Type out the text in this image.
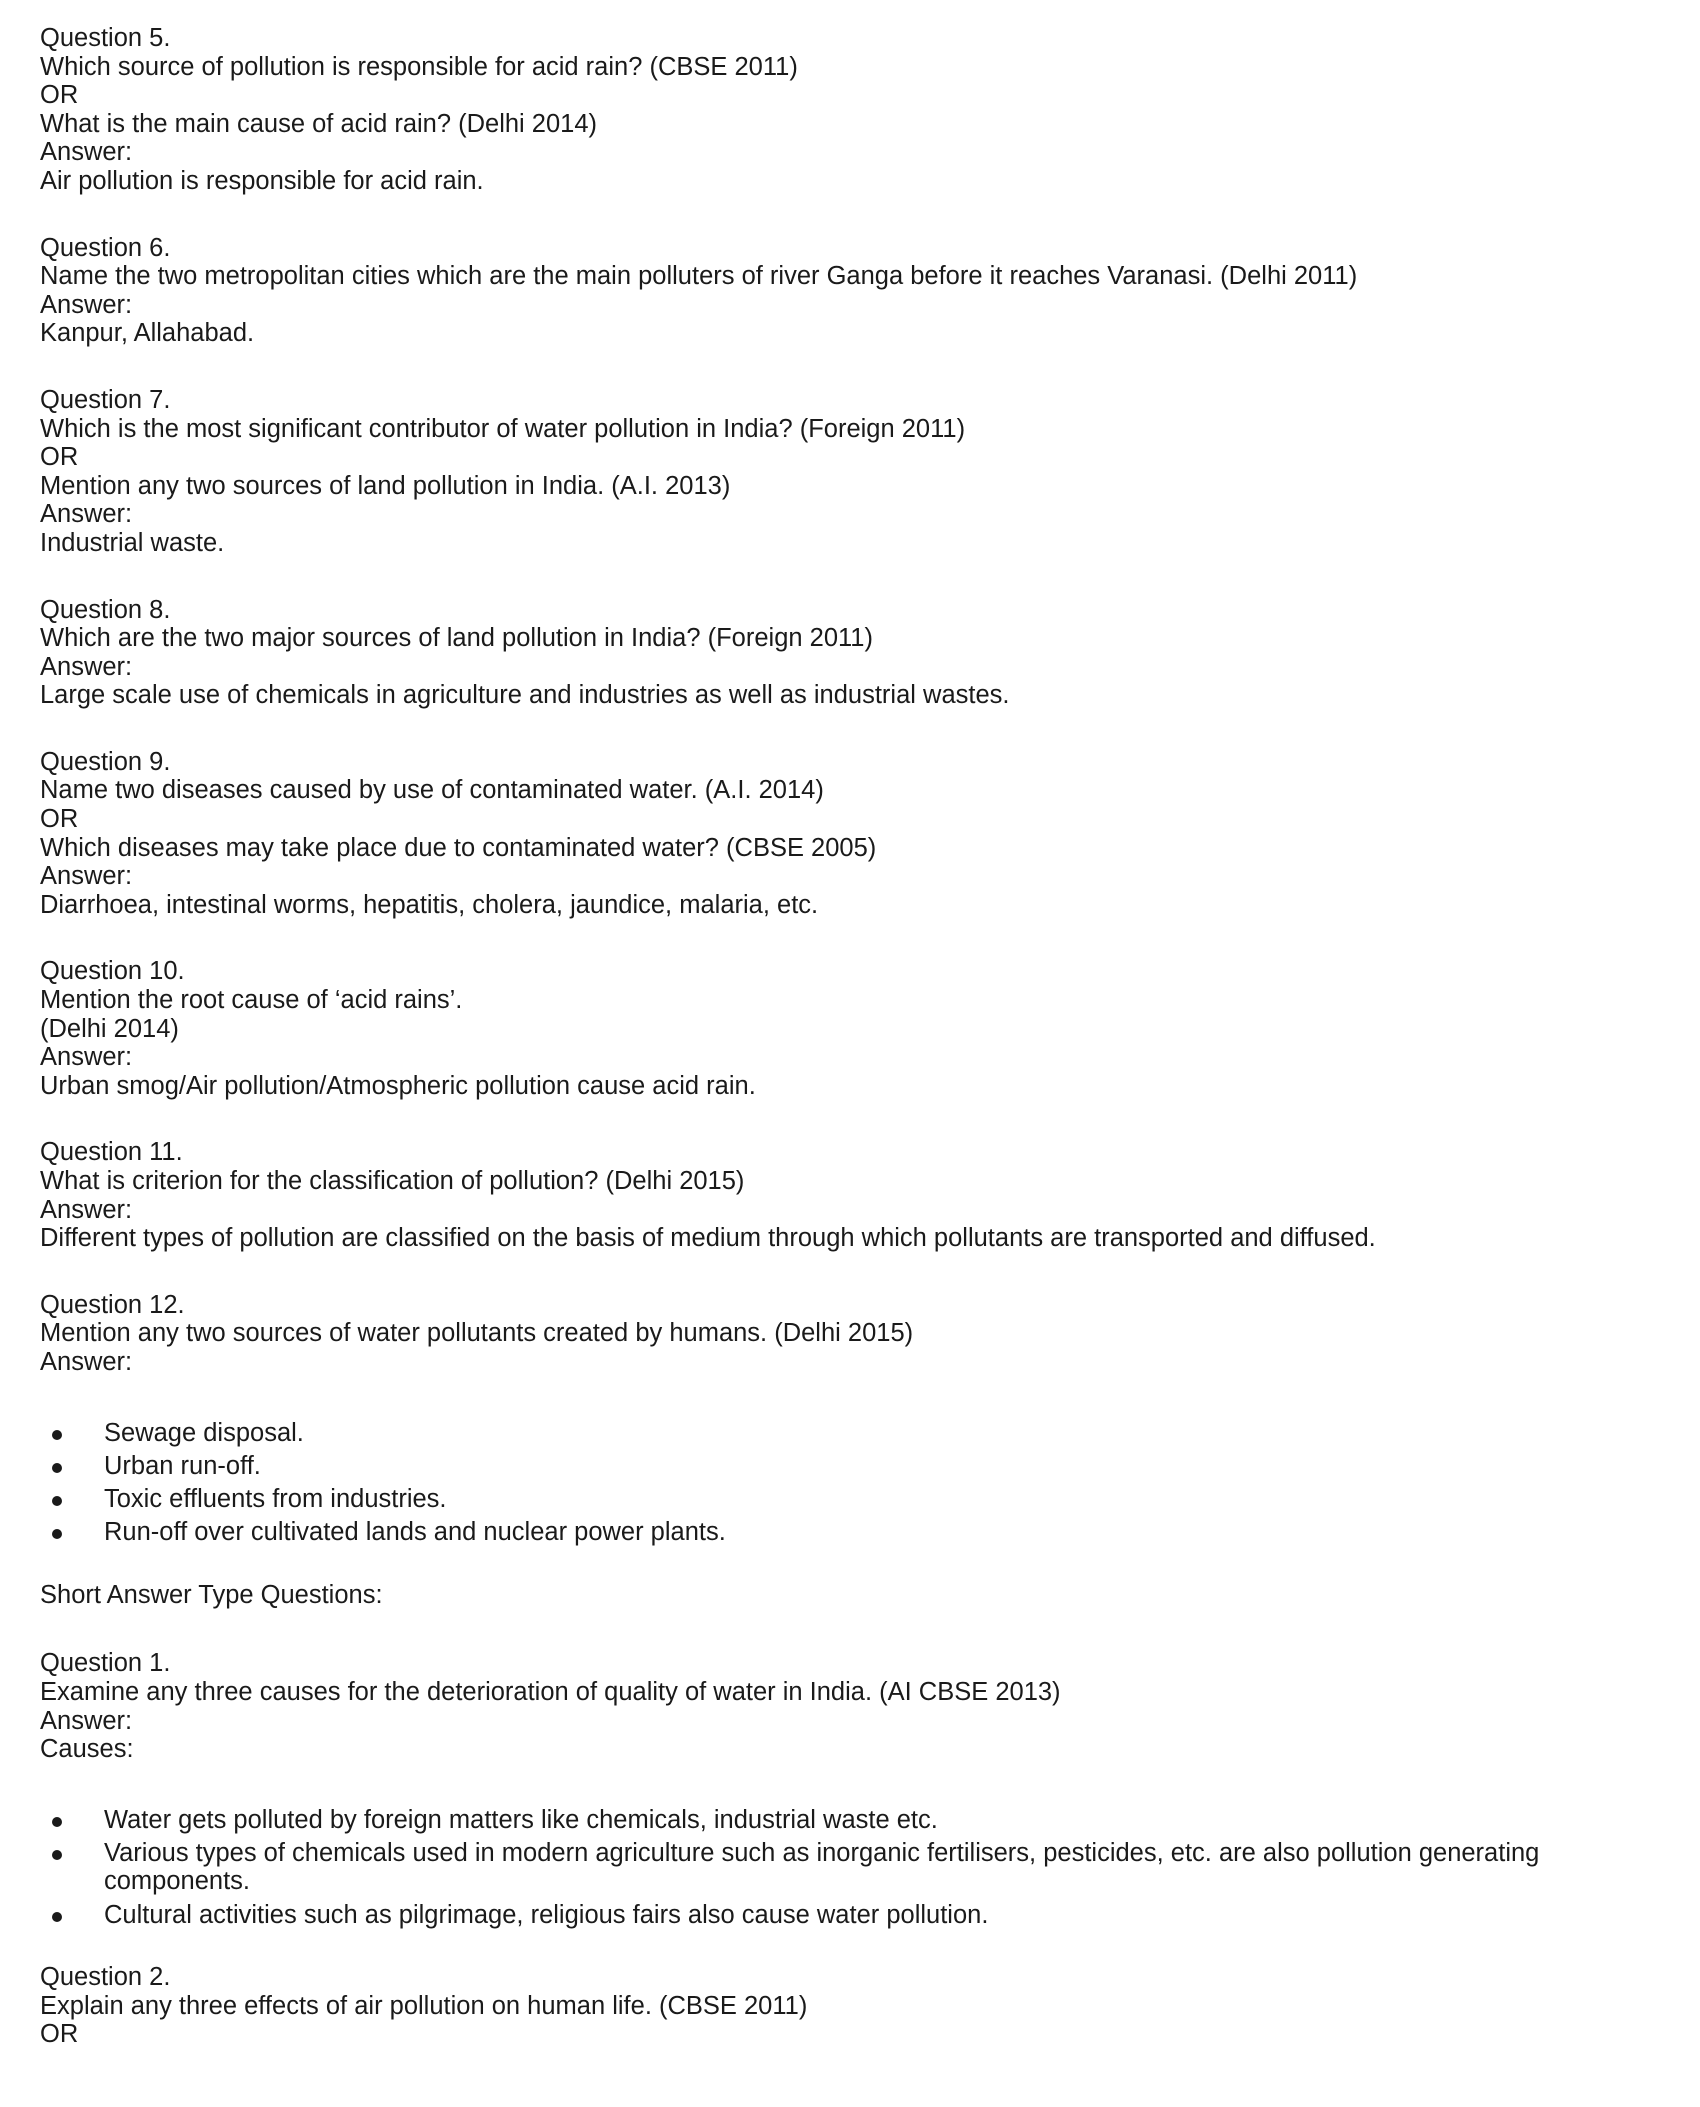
Question 5.
Which source of pollution is responsible for acid rain? (CBSE 2011)
OR
What is the main cause of acid rain? (Delhi 2014)
Answer:
Air pollution is responsible for acid rain.
Question 6.
Name the two metropolitan cities which are the main polluters of river Ganga before it reaches Varanasi. (Delhi 2011)
Answer:
Kanpur, Allahabad.
Question 7.
Which is the most significant contributor of water pollution in India? (Foreign 2011)
OR
Mention any two sources of land pollution in India. (A.I. 2013)
Answer:
Industrial waste.
Question 8.
Which are the two major sources of land pollution in India? (Foreign 2011)
Answer:
Large scale use of chemicals in agriculture and industries as well as industrial wastes.
Question 9.
Name two diseases caused by use of contaminated water. (A.I. 2014)
OR
Which diseases may take place due to contaminated water? (CBSE 2005)
Answer:
Diarrhoea, intestinal worms, hepatitis, cholera, jaundice, malaria, etc.
Question 10.
Mention the root cause of ‘acid rains’.
(Delhi 2014)
Answer:
Urban smog/Air pollution/Atmospheric pollution cause acid rain.
Question 11.
What is criterion for the classification of pollution? (Delhi 2015)
Answer:
Different types of pollution are classified on the basis of medium through which pollutants are transported and diffused.
Question 12.
Mention any two sources of water pollutants created by humans. (Delhi 2015)
Answer:
Sewage disposal.
Urban run-off.
Toxic effluents from industries.
Run-off over cultivated lands and nuclear power plants.
Short Answer Type Questions:
Question 1.
Examine any three causes for the deterioration of quality of water in India. (AI CBSE 2013)
Answer:
Causes:
Water gets polluted by foreign matters like chemicals, industrial waste etc.
Various types of chemicals used in modern agriculture such as inorganic fertilisers, pesticides, etc. are also pollution generating components.
Cultural activities such as pilgrimage, religious fairs also cause water pollution.
Question 2.
Explain any three effects of air pollution on human life. (CBSE 2011)
OR
